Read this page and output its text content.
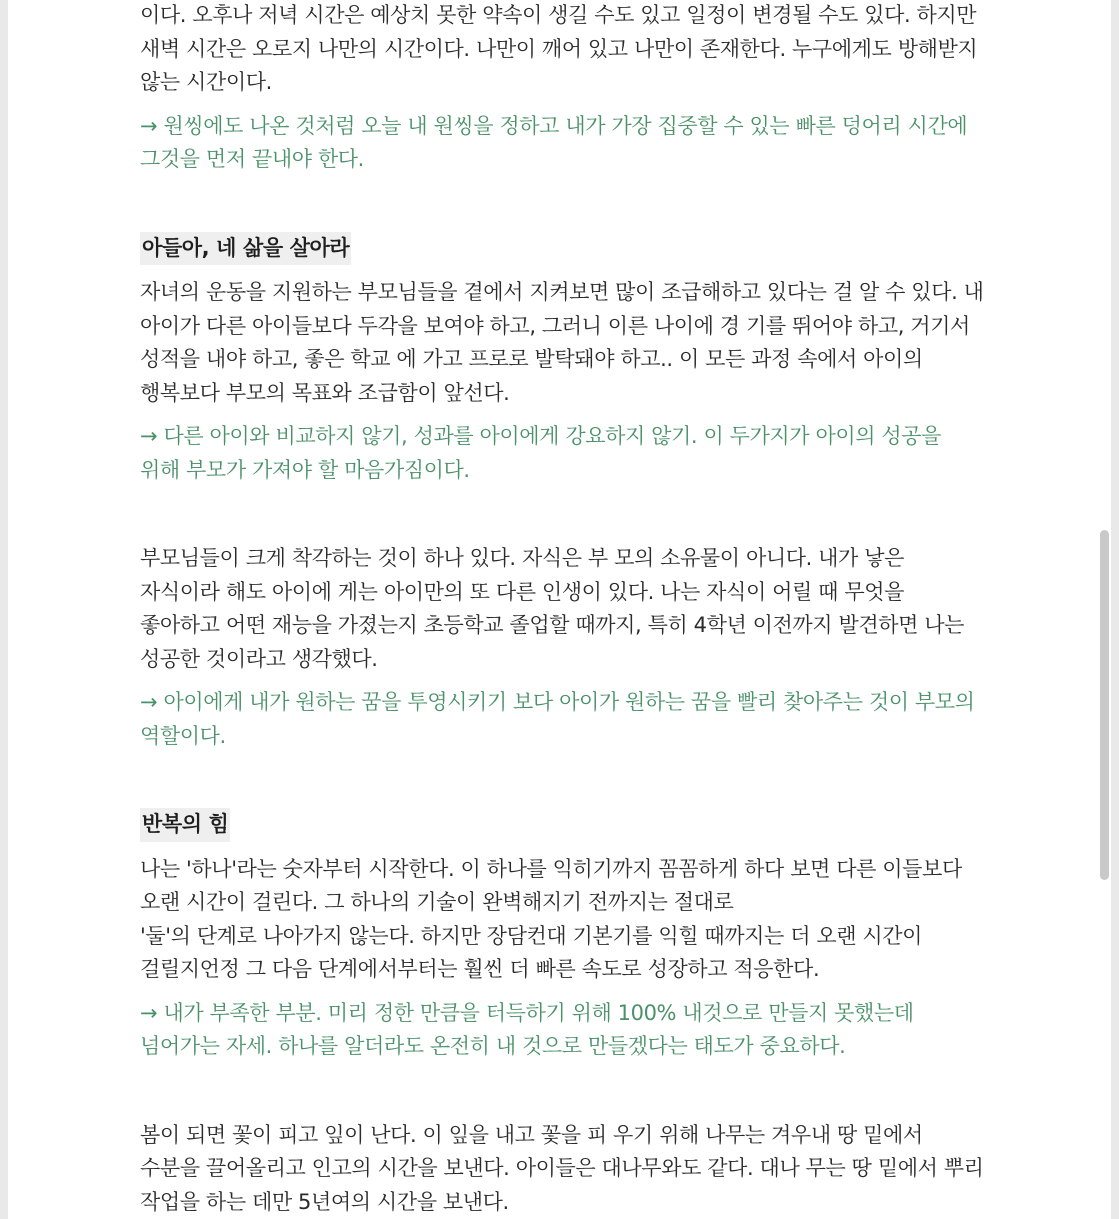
이다. 오후나 저녁 시간은 예상치 못한 약속이 생길 수도 있고 일정이 변경될 수도 있다. 하지만 새벽 시간은 오로지 나만의 시간이다. 나만이 깨어 있고 나만이 존재한다. 누구에게도 방해받지 않는 시간이다.

→ 원씽에도 나온 것처럼 오늘 내 원씽을 정하고 내가 가장 집중할 수 있는 빠른 덩어리 시간에 그것을 먼저 끝내야 한다.

아들아, 네 삶을 살아라

자녀의 운동을 지원하는 부모님들을 곁에서 지켜보면 많이 조급해하고 있다는 걸 알 수 있다. 내 아이가 다른 아이들보다 두각을 보여야 하고, 그러니 이른 나이에 경 기를 뛰어야 하고, 거기서 성적을 내야 하고, 좋은 학교 에 가고 프로로 발탁돼야 하고.. 이 모든 과정 속에서 아이의 행복보다 부모의 목표와 조급함이 앞선다.

→ 다른 아이와 비교하지 않기, 성과를 아이에게 강요하지 않기. 이 두가지가 아이의 성공을 위해 부모가 가져야 할 마음가짐이다.

부모님들이 크게 착각하는 것이 하나 있다. 자식은 부 모의 소유물이 아니다. 내가 낳은 자식이라 해도 아이에 게는 아이만의 또 다른 인생이 있다. 나는 자식이 어릴 때 무엇을 좋아하고 어떤 재능을 가졌는지 초등학교 졸업할 때까지, 특히 4학년 이전까지 발견하면 나는 성공한 것이라고 생각했다.

→ 아이에게 내가 원하는 꿈을 투영시키기 보다 아이가 원하는 꿈을 빨리 찾아주는 것이 부모의 역할이다.

반복의 힘

나는 '하나'라는 숫자부터 시작한다. 이 하나를 익히기까지 꼼꼼하게 하다 보면 다른 이들보다 오랜 시간이 걸린다. 그 하나의 기술이 완벽해지기 전까지는 절대로

'둘'의 단계로 나아가지 않는다. 하지만 장담컨대 기본기를 익힐 때까지는 더 오랜 시간이 걸릴지언정 그 다음 단계에서부터는 훨씬 더 빠른 속도로 성장하고 적응한다.

→ 내가 부족한 부분. 미리 정한 만큼을 터득하기 위해 100% 내것으로 만들지 못했는데 넘어가는 자세. 하나를 알더라도 온전히 내 것으로 만들겠다는 태도가 중요하다.

봄이 되면 꽃이 피고 잎이 난다. 이 잎을 내고 꽃을 피 우기 위해 나무는 겨우내 땅 밑에서 수분을 끌어올리고 인고의 시간을 보낸다. 아이들은 대나무와도 같다. 대나 무는 땅 밑에서 뿌리 작업을 하는 데만 5년여의 시간을 보낸다.
